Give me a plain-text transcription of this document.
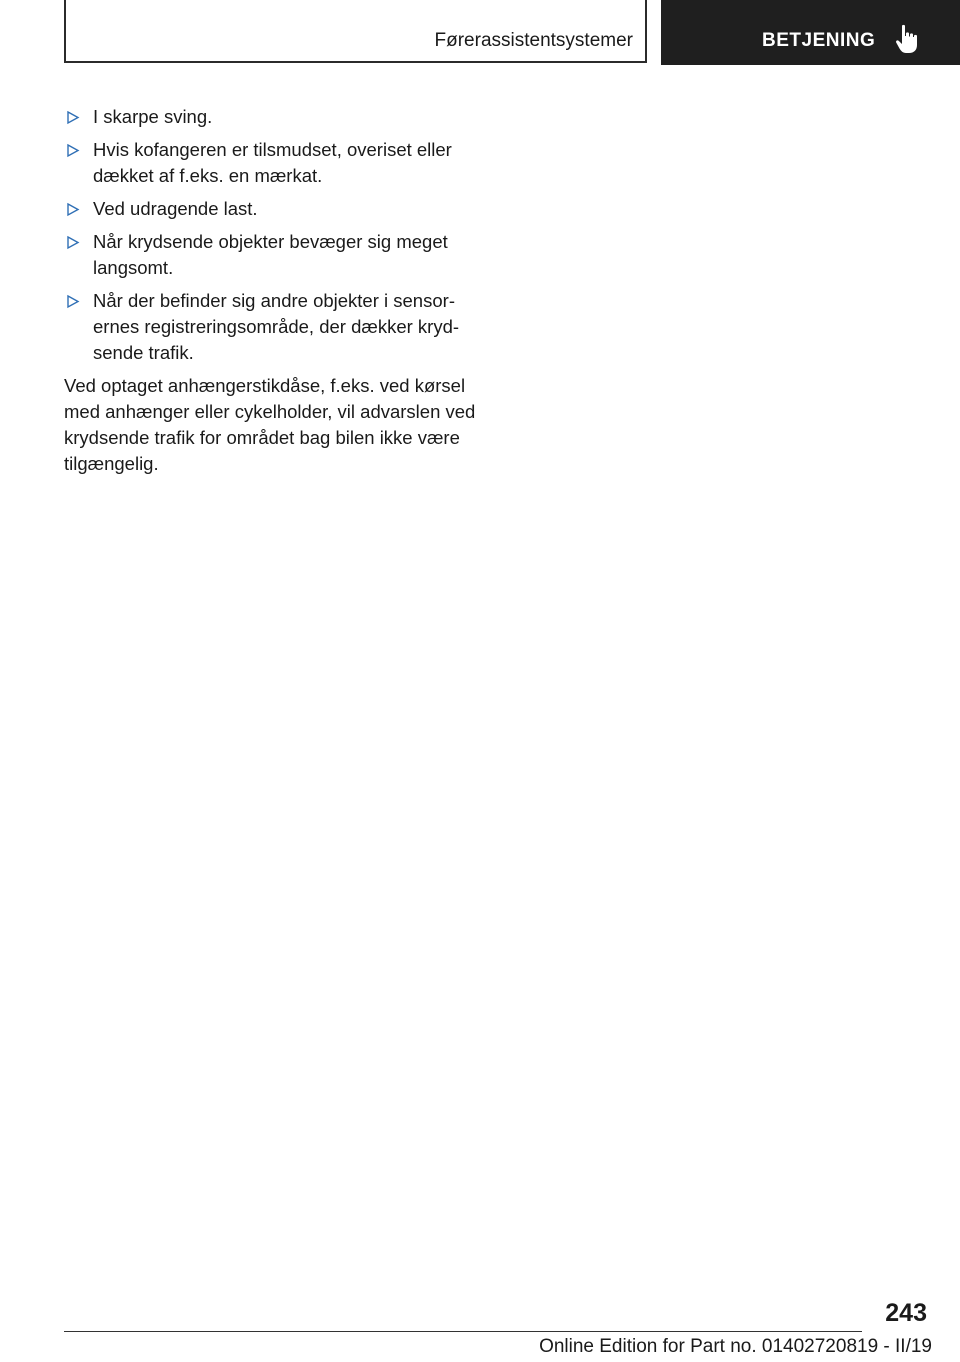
Førerassistentsystemer	BETJENING
I skarpe sving.
Hvis kofangeren er tilsmudset, overiset eller dækket af f.eks. en mærkat.
Ved udragende last.
Når krydsende objekter bevæger sig meget langsomt.
Når der befinder sig andre objekter i sensorernes registreringsområde, der dækker krydsende trafik.

Ved optaget anhængerstikdåse, f.eks. ved kørsel med anhænger eller cykelholder, vil advarslen ved krydsende trafik for området bag bilen ikke være tilgængelig.

243
Online Edition for Part no. 01402720819 - II/19
